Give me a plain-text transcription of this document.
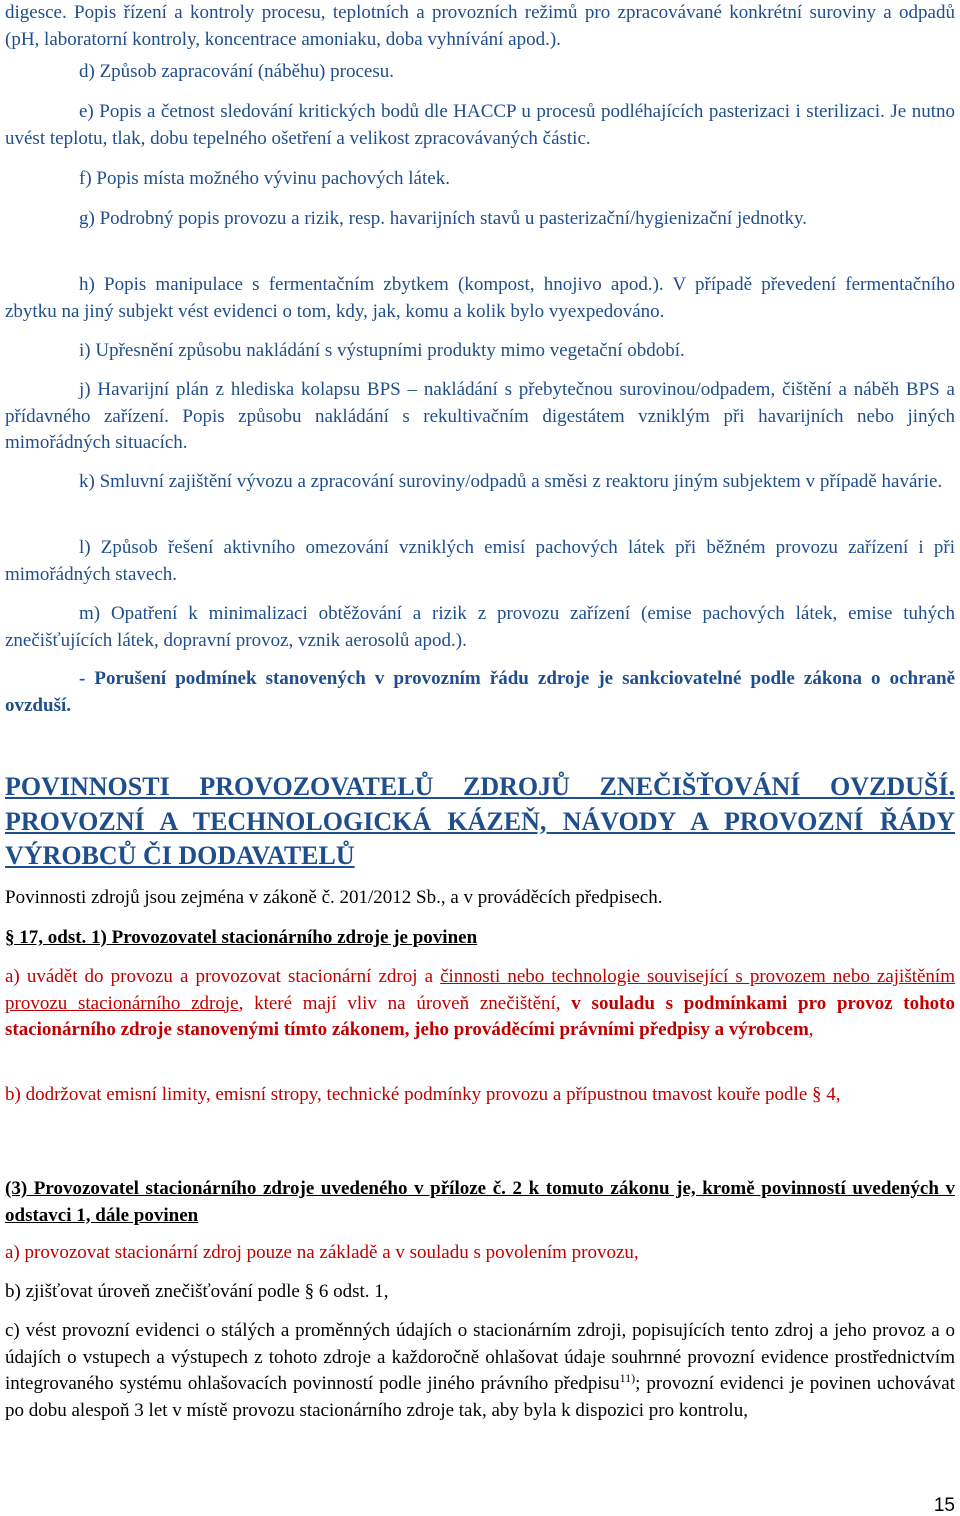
digesce. Popis řízení a kontroly procesu, teplotních a provozních režimů pro zpracovávané konkrétní suroviny a odpadů (pH, laboratorní kontroly, koncentrace amoniaku, doba vyhnívání apod.).

d) Způsob zapracování (náběhu) procesu.

e) Popis a četnost sledování kritických bodů dle HACCP u procesů podléhajících pasterizaci i sterilizaci. Je nutno uvést teplotu, tlak, dobu tepelného ošetření a velikost zpracovávaných částic.

f) Popis místa možného vývinu pachových látek.

g) Podrobný popis provozu a rizik, resp. havarijních stavů u pasterizační/hygienizační jednotky.

h) Popis manipulace s fermentačním zbytkem (kompost, hnojivo apod.). V případě převedení fermentačního zbytku na jiný subjekt vést evidenci o tom, kdy, jak, komu a kolik bylo vyexpedováno.

i) Upřesnění způsobu nakládání s výstupními produkty mimo vegetační období.

j) Havarijní plán z hlediska kolapsu BPS – nakládání s přebytečnou surovinou/odpadem, čištění a náběh BPS a přídavného zařízení. Popis způsobu nakládání s rekultivačním digestátem vzniklým při havarijních nebo jiných mimořádných situacích.

k) Smluvní zajištění vývozu a zpracování suroviny/odpadů a směsi z reaktoru jiným subjektem v případě havárie.

l) Způsob řešení aktivního omezování vzniklých emisí pachových látek při běžném provozu zařízení i při mimořádných stavech.

m) Opatření k minimalizaci obtěžování a rizik z provozu zařízení (emise pachových látek, emise tuhých znečišťujících látek, dopravní provoz, vznik aerosolů apod.).

- Porušení podmínek stanovených v provozním řádu zdroje je sankciovatelné podle zákona o ochraně ovzduší.

POVINNOSTI PROVOZOVATELŮ ZDROJŮ ZNEČIŠŤOVÁNÍ OVZDUŠÍ. PROVOZNÍ A TECHNOLOGICKÁ KÁZEŇ, NÁVODY A PROVOZNÍ ŘÁDY VÝROBCŮ ČI DODAVATELŮ

Povinnosti zdrojů jsou zejména v zákoně č. 201/2012 Sb., a v prováděcích předpisech.

§ 17, odst. 1) Provozovatel stacionárního zdroje je povinen

a) uvádět do provozu a provozovat stacionární zdroj a činnosti nebo technologie související s provozem nebo zajištěním provozu stacionárního zdroje, které mají vliv na úroveň znečištění, v souladu s podmínkami pro provoz tohoto stacionárního zdroje stanovenými tímto zákonem, jeho prováděcími právními předpisy a výrobcem,

b) dodržovat emisní limity, emisní stropy, technické podmínky provozu a přípustnou tmavost kouře podle § 4,

(3) Provozovatel stacionárního zdroje uvedeného v příloze č. 2 k tomuto zákonu je, kromě povinností uvedených v odstavci 1, dále povinen

a) provozovat stacionární zdroj pouze na základě a v souladu s povolením provozu,

b) zjišťovat úroveň znečišťování podle § 6 odst. 1,

c) vést provozní evidenci o stálých a proměnných údajích o stacionárním zdroji, popisujících tento zdroj a jeho provoz a o údajích o vstupech a výstupech z tohoto zdroje a každoročně ohlašovat údaje souhrnné provozní evidence prostřednictvím integrovaného systému ohlašovacích povinností podle jiného právního předpisu$^{11)}$; provozní evidenci je povinen uchovávat po dobu alespoň 3 let v místě provozu stacionárního zdroje tak, aby byla k dispozici pro kontrolu,

15
